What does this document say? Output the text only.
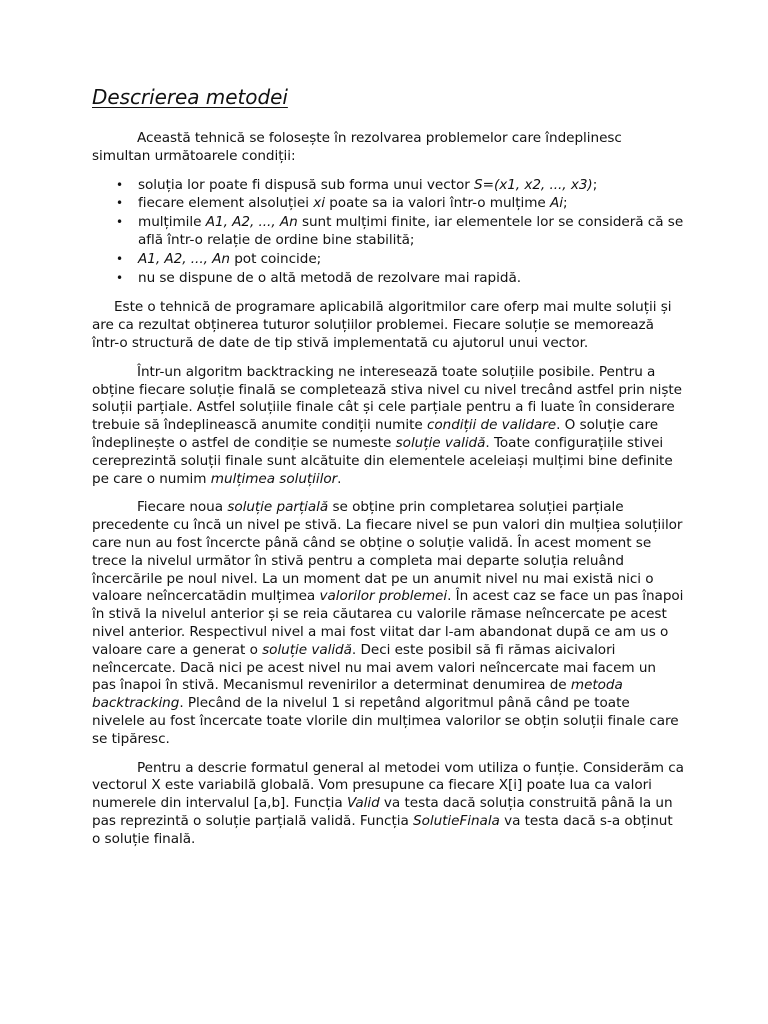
Descrierea metodei

Această tehnică se folosește în rezolvarea problemelor care îndeplinesc simultan următoarele condiții:

• soluția lor poate fi dispusă sub forma unui vector S=(x1, x2, ..., x3);
• fiecare element alsoluției xi poate sa ia valori într-o mulțime Ai;
• mulțimile A1, A2, ..., An sunt mulțimi finite, iar elementele lor se consideră că se află într-o relație de ordine bine stabilită;
• A1, A2, ..., An pot coincide;
• nu se dispune de o altă metodă de rezolvare mai rapidă.

Este o tehnică de programare aplicabilă algoritmilor care oferp mai multe soluții și are ca rezultat obținerea tuturor soluțiilor problemei. Fiecare soluție se memorează într-o structură de date de tip stivă implementată cu ajutorul unui vector.

Într-un algoritm backtracking ne interesează toate soluțiile posibile. Pentru a obține fiecare soluție finală se completează stiva nivel cu nivel trecând astfel prin niște soluții parțiale. Astfel soluțiile finale cât și cele parțiale pentru a fi luate în considerare trebuie să îndeplinească anumite condiții numite condiții de validare. O soluție care îndeplinește o astfel de condiție se numeste soluție validă. Toate configurațiile stivei cereprezintă soluții finale sunt alcătuite din elementele aceleiași mulțimi bine definite pe care o numim mulțimea soluțiilor.

Fiecare noua soluție parțială se obține prin completarea soluției parțiale precedente cu încă un nivel pe stivă. La fiecare nivel se pun valori din mulțiea soluțiilor care nun au fost încercte până când se obține o soluție validă. În acest moment se trece la nivelul următor în stivă pentru a completa mai departe soluția reluând încercările pe noul nivel. La un moment dat pe un anumit nivel nu mai există nici o valoare neîncercatădin mulțimea valorilor problemei. În acest caz se face un pas înapoi în stivă la nivelul anterior și se reia căutarea cu valorile rămase neîncercate pe acest nivel anterior. Respectivul nivel a mai fost viitat dar l-am abandonat după ce am us o valoare care a generat o soluție validă. Deci este posibil să fi rămas aicivalori neîncercate. Dacă nici pe acest nivel nu mai avem valori neîncercate mai facem un pas înapoi în stivă. Mecanismul revenirilor a determinat denumirea de metoda backtracking. Plecând de la nivelul 1 si repetând algoritmul până când pe toate nivelele au fost încercate toate vlorile din mulțimea valorilor se obțin soluții finale care se tipăresc.

Pentru a descrie formatul general al metodei vom utiliza o funție. Considerăm ca vectorul X este variabilă globală. Vom presupune ca fiecare X[i] poate lua ca valori numerele din intervalul [a,b]. Funcția Valid va testa dacă soluția construită până la un pas reprezintă o soluție parțială validă. Funcția SolutieFinala va testa dacă s-a obținut o soluție finală.
